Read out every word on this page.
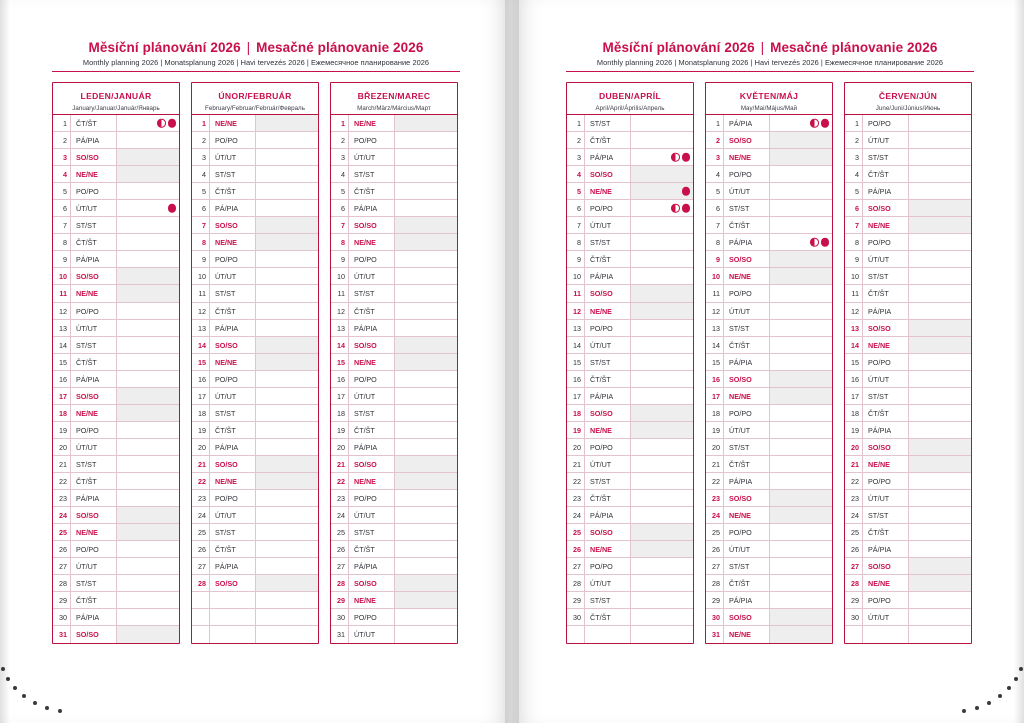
Měsíční plánování 2026 | Mesačné plánovanie 2026
Monthly planning 2026 | Monatsplanung 2026 | Havi tervezés 2026 | Ежемесячное планирование 2026
LEDEN/JANUÁR
January/Januar/Január/Январь
1	ČT/ŠT
2	PÁ/PIA
3	SO/SO
4	NE/NE
5	PO/PO
6	ÚT/UT
7	ST/ST
8	ČT/ŠT
9	PÁ/PIA
10	SO/SO
11	NE/NE
12	PO/PO
13	ÚT/UT
14	ST/ST
15	ČT/ŠT
16	PÁ/PIA
17	SO/SO
18	NE/NE
19	PO/PO
20	ÚT/UT
21	ST/ST
22	ČT/ŠT
23	PÁ/PIA
24	SO/SO
25	NE/NE
26	PO/PO
27	ÚT/UT
28	ST/ST
29	ČT/ŠT
30	PÁ/PIA
31	SO/SO
ÚNOR/FEBRUÁR
February/Februar/Február/Февраль
1	NE/NE
2	PO/PO
3	ÚT/UT
4	ST/ST
5	ČT/ŠT
6	PÁ/PIA
7	SO/SO
8	NE/NE
9	PO/PO
10	ÚT/UT
11	ST/ST
12	ČT/ŠT
13	PÁ/PIA
14	SO/SO
15	NE/NE
16	PO/PO
17	ÚT/UT
18	ST/ST
19	ČT/ŠT
20	PÁ/PIA
21	SO/SO
22	NE/NE
23	PO/PO
24	ÚT/UT
25	ST/ST
26	ČT/ŠT
27	PÁ/PIA
28	SO/SO
BŘEZEN/MAREC
March/März/Március/Март
1	NE/NE
2	PO/PO
3	ÚT/UT
4	ST/ST
5	ČT/ŠT
6	PÁ/PIA
7	SO/SO
8	NE/NE
9	PO/PO
10	ÚT/UT
11	ST/ST
12	ČT/ŠT
13	PÁ/PIA
14	SO/SO
15	NE/NE
16	PO/PO
17	ÚT/UT
18	ST/ST
19	ČT/ŠT
20	PÁ/PIA
21	SO/SO
22	NE/NE
23	PO/PO
24	ÚT/UT
25	ST/ST
26	ČT/ŠT
27	PÁ/PIA
28	SO/SO
29	NE/NE
30	PO/PO
31	ÚT/UT
Měsíční plánování 2026 | Mesačné plánovanie 2026
Monthly planning 2026 | Monatsplanung 2026 | Havi tervezés 2026 | Ежемесячное планирование 2026
DUBEN/APRÍL
April/April/Április/Апрель
1	ST/ST
2	ČT/ŠT
3	PÁ/PIA
4	SO/SO
5	NE/NE
6	PO/PO
7	ÚT/UT
8	ST/ST
9	ČT/ŠT
10	PÁ/PIA
11	SO/SO
12	NE/NE
13	PO/PO
14	ÚT/UT
15	ST/ST
16	ČT/ŠT
17	PÁ/PIA
18	SO/SO
19	NE/NE
20	PO/PO
21	ÚT/UT
22	ST/ST
23	ČT/ŠT
24	PÁ/PIA
25	SO/SO
26	NE/NE
27	PO/PO
28	ÚT/UT
29	ST/ST
30	ČT/ŠT
KVĚTEN/MÁJ
May/Mai/Május/Май
1	PÁ/PIA
2	SO/SO
3	NE/NE
4	PO/PO
5	ÚT/UT
6	ST/ST
7	ČT/ŠT
8	PÁ/PIA
9	SO/SO
10	NE/NE
11	PO/PO
12	ÚT/UT
13	ST/ST
14	ČT/ŠT
15	PÁ/PIA
16	SO/SO
17	NE/NE
18	PO/PO
19	ÚT/UT
20	ST/ST
21	ČT/ŠT
22	PÁ/PIA
23	SO/SO
24	NE/NE
25	PO/PO
26	ÚT/UT
27	ST/ST
28	ČT/ŠT
29	PÁ/PIA
30	SO/SO
31	NE/NE
ČERVEN/JÚN
June/Juni/Június/Июнь
1	PO/PO
2	ÚT/UT
3	ST/ST
4	ČT/ŠT
5	PÁ/PIA
6	SO/SO
7	NE/NE
8	PO/PO
9	ÚT/UT
10	ST/ST
11	ČT/ŠT
12	PÁ/PIA
13	SO/SO
14	NE/NE
15	PO/PO
16	ÚT/UT
17	ST/ST
18	ČT/ŠT
19	PÁ/PIA
20	SO/SO
21	NE/NE
22	PO/PO
23	ÚT/UT
24	ST/ST
25	ČT/ŠT
26	PÁ/PIA
27	SO/SO
28	NE/NE
29	PO/PO
30	ÚT/UT
